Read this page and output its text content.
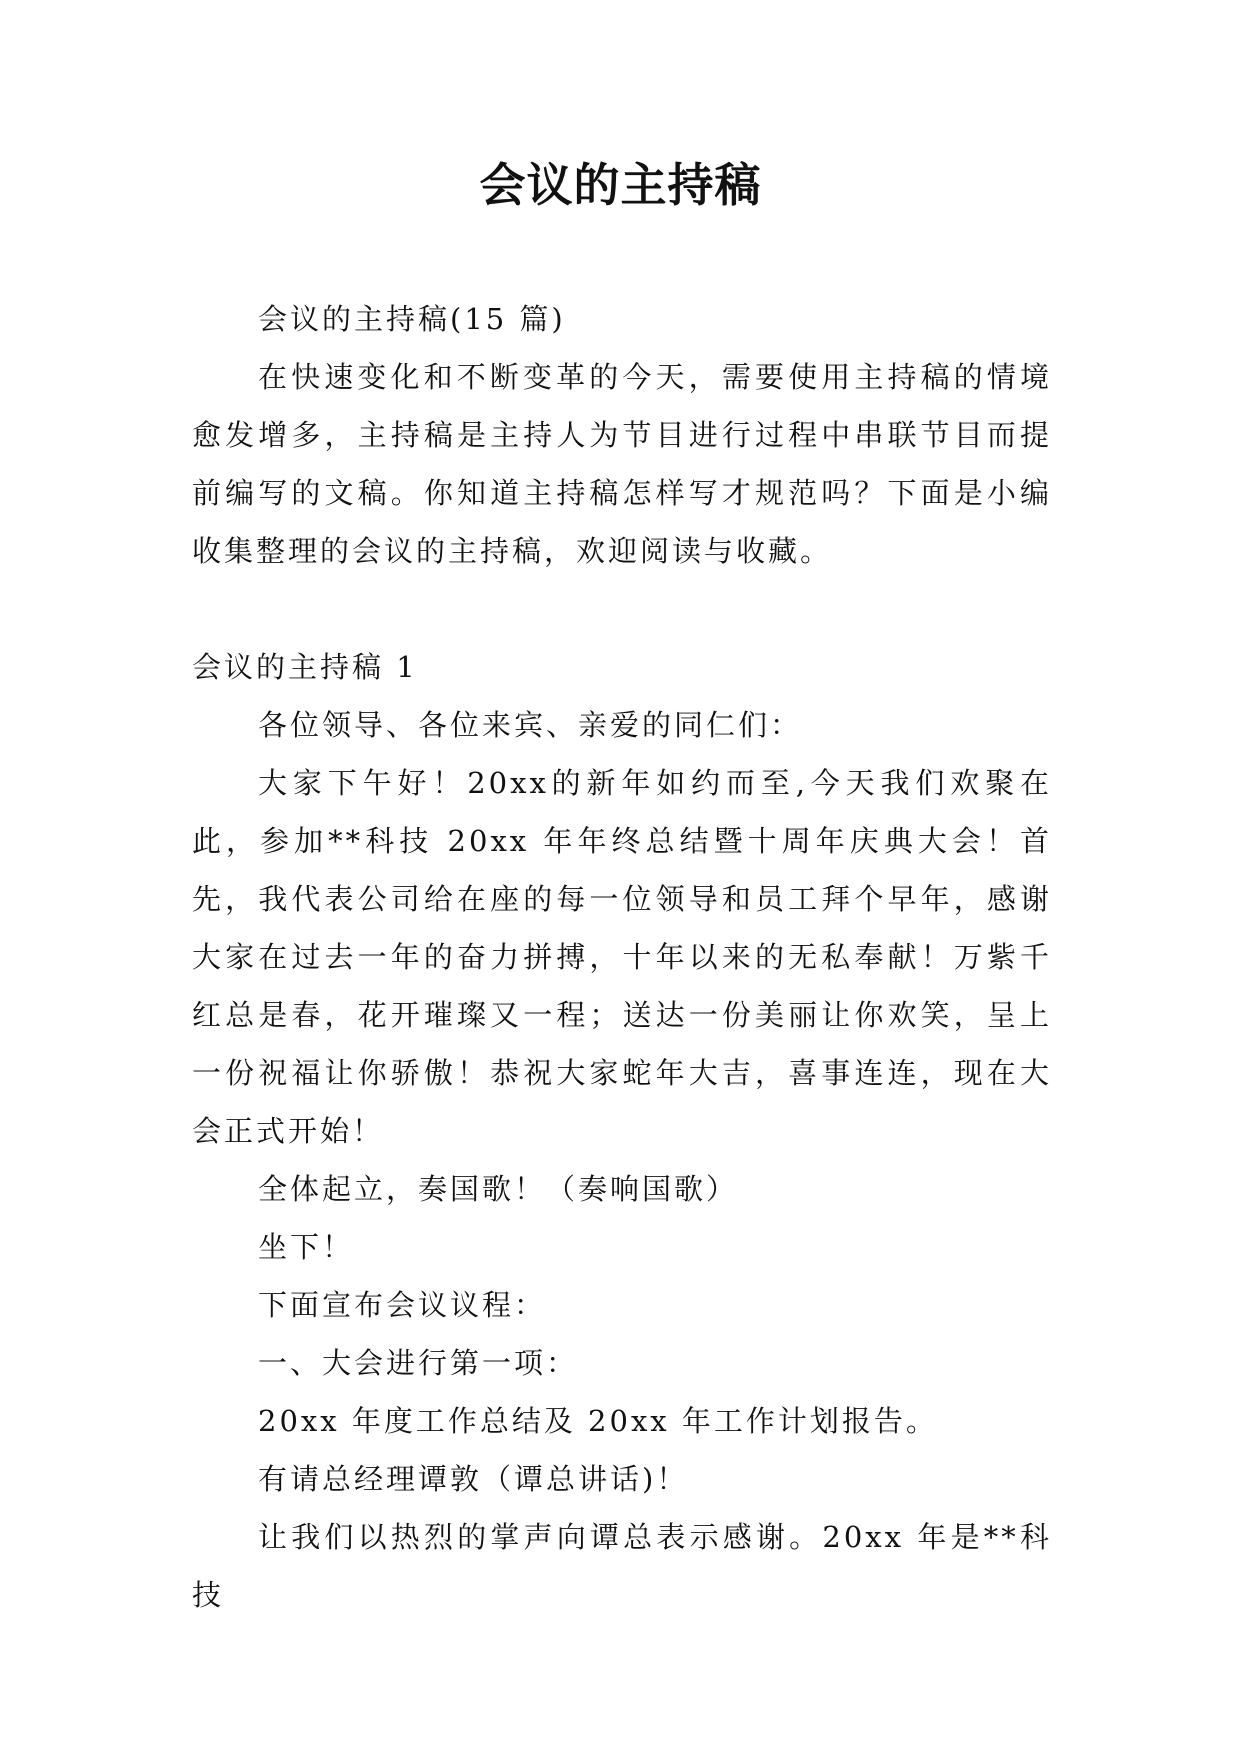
会议的主持稿

会议的主持稿(15 篇)

在快速变化和不断变革的今天，需要使用主持稿的情境愈发增多，主持稿是主持人为节目进行过程中串联节目而提前编写的文稿。你知道主持稿怎样写才规范吗？下面是小编收集整理的会议的主持稿，欢迎阅读与收藏。

会议的主持稿 1

各位领导、各位来宾、亲爱的同仁们：

大家下午好！20xx的新年如约而至,今天我们欢聚在此，参加**科技 20xx 年年终总结暨十周年庆典大会！首先，我代表公司给在座的每一位领导和员工拜个早年，感谢大家在过去一年的奋力拼搏，十年以来的无私奉献！万紫千红总是春，花开璀璨又一程；送达一份美丽让你欢笑，呈上一份祝福让你骄傲！恭祝大家蛇年大吉，喜事连连，现在大会正式开始！

全体起立，奏国歌！（奏响国歌）

坐下！

下面宣布会议议程：

一、大会进行第一项：

20xx 年度工作总结及 20xx 年工作计划报告。

有请总经理谭敦（谭总讲话)！

让我们以热烈的掌声向谭总表示感谢。20xx 年是**科技
